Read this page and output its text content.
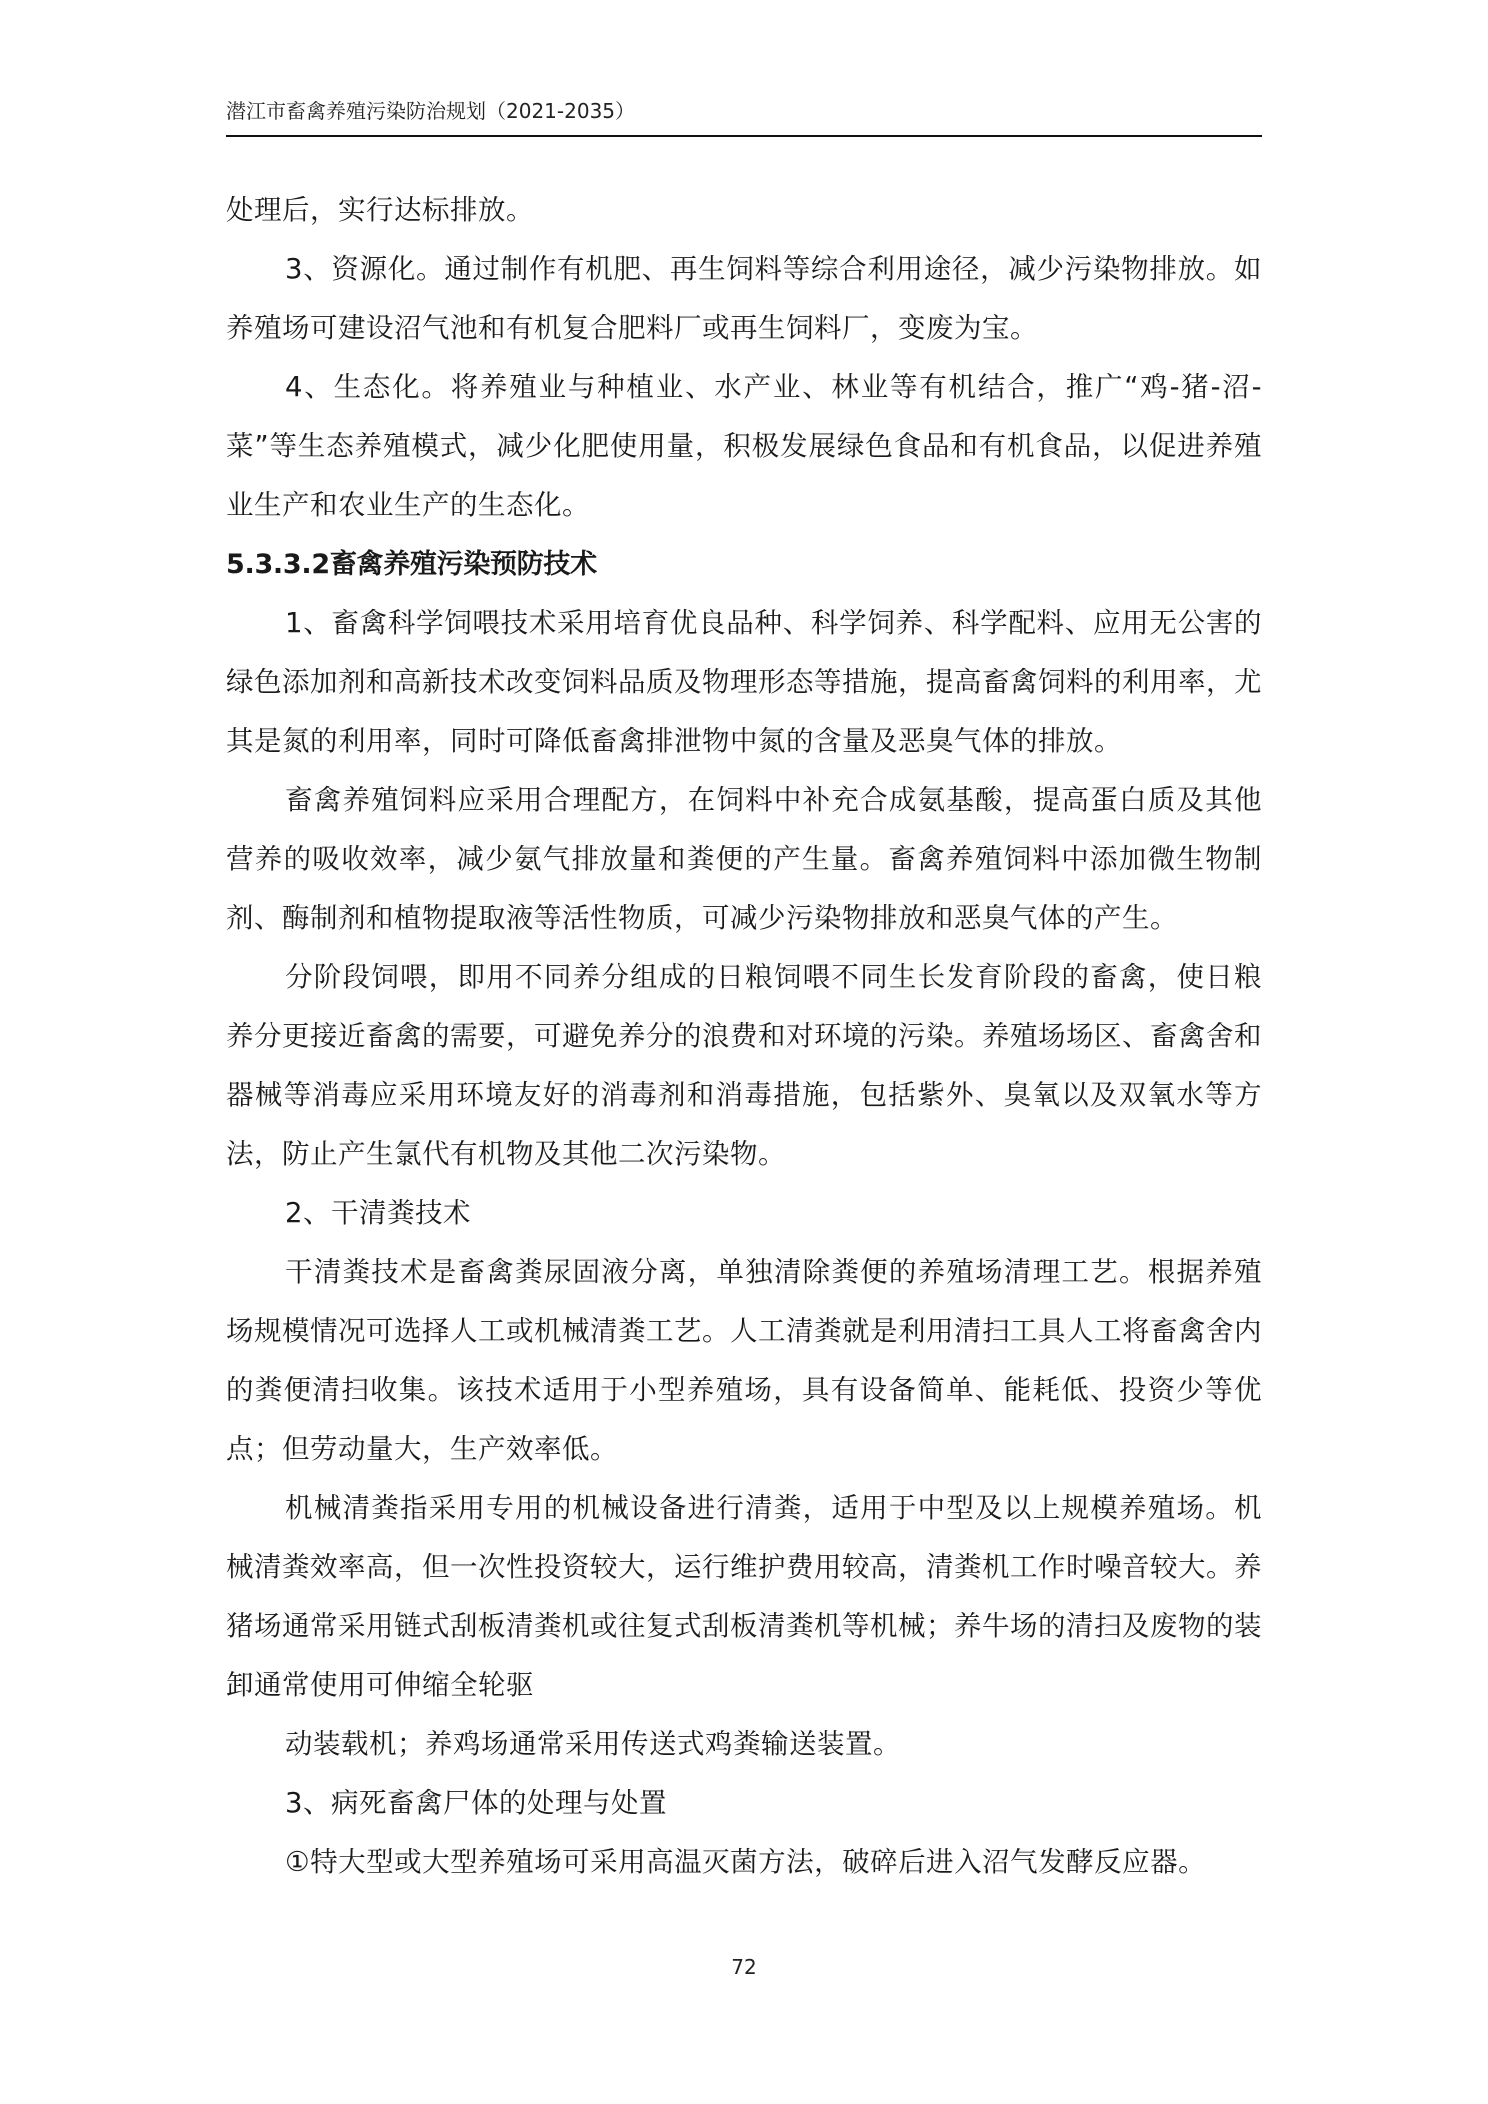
潜江市畜禽养殖污染防治规划（2021-2035）

处理后，实行达标排放。

3、资源化。通过制作有机肥、再生饲料等综合利用途径，减少污染物排放。如养殖场可建设沼气池和有机复合肥料厂或再生饲料厂，变废为宝。

4、生态化。将养殖业与种植业、水产业、林业等有机结合，推广“鸡-猪-沼-菜”等生态养殖模式，减少化肥使用量，积极发展绿色食品和有机食品，以促进养殖业生产和农业生产的生态化。

5.3.3.2畜禽养殖污染预防技术

1、畜禽科学饲喂技术采用培育优良品种、科学饲养、科学配料、应用无公害的绿色添加剂和高新技术改变饲料品质及物理形态等措施，提高畜禽饲料的利用率，尤其是氮的利用率，同时可降低畜禽排泄物中氮的含量及恶臭气体的排放。

畜禽养殖饲料应采用合理配方，在饲料中补充合成氨基酸，提高蛋白质及其他营养的吸收效率，减少氨气排放量和粪便的产生量。畜禽养殖饲料中添加微生物制剂、酶制剂和植物提取液等活性物质，可减少污染物排放和恶臭气体的产生。

分阶段饲喂，即用不同养分组成的日粮饲喂不同生长发育阶段的畜禽，使日粮养分更接近畜禽的需要，可避免养分的浪费和对环境的污染。养殖场场区、畜禽舍和器械等消毒应采用环境友好的消毒剂和消毒措施，包括紫外、臭氧以及双氧水等方法，防止产生氯代有机物及其他二次污染物。

2、干清粪技术

干清粪技术是畜禽粪尿固液分离，单独清除粪便的养殖场清理工艺。根据养殖场规模情况可选择人工或机械清粪工艺。人工清粪就是利用清扫工具人工将畜禽舍内的粪便清扫收集。该技术适用于小型养殖场，具有设备简单、能耗低、投资少等优点；但劳动量大，生产效率低。

机械清粪指采用专用的机械设备进行清粪，适用于中型及以上规模养殖场。机械清粪效率高，但一次性投资较大，运行维护费用较高，清粪机工作时噪音较大。养猪场通常采用链式刮板清粪机或往复式刮板清粪机等机械；养牛场的清扫及废物的装卸通常使用可伸缩全轮驱

动装载机；养鸡场通常采用传送式鸡粪输送装置。

3、病死畜禽尸体的处理与处置

①特大型或大型养殖场可采用高温灭菌方法，破碎后进入沼气发酵反应器。

72
